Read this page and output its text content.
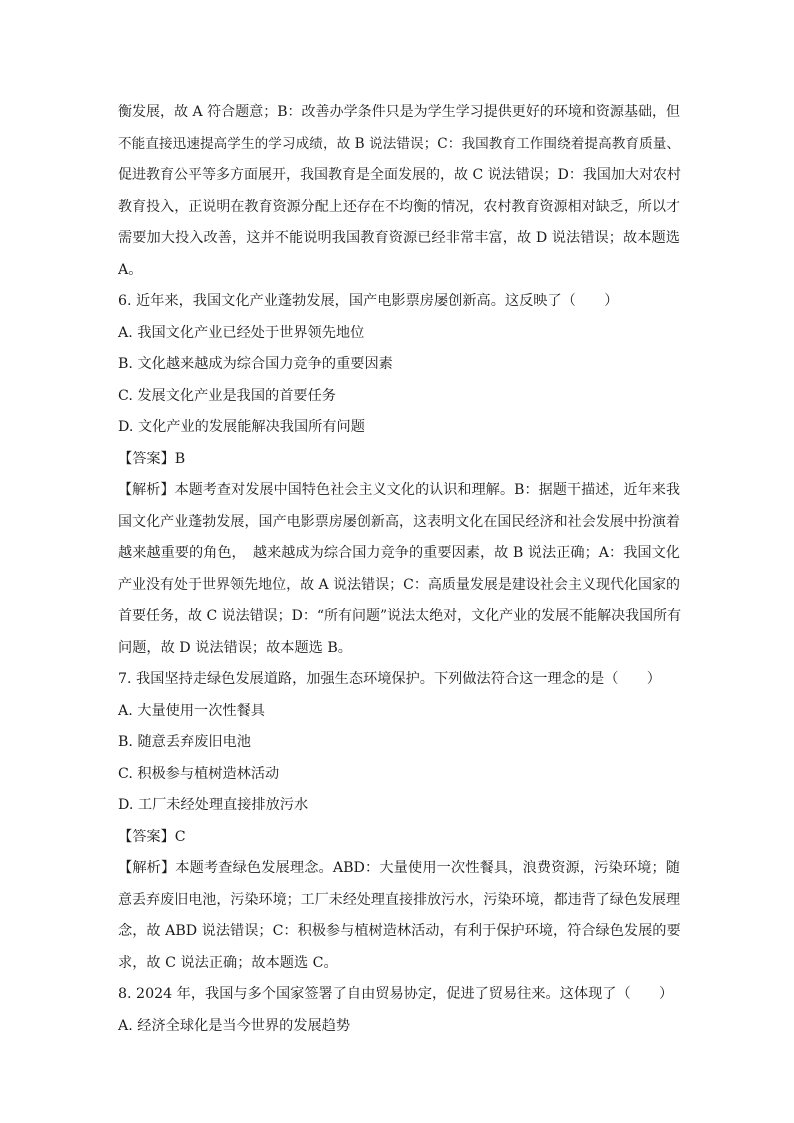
衡发展，故 A 符合题意；B：改善办学条件只是为学生学习提供更好的环境和资源基础，但
不能直接迅速提高学生的学习成绩，故 B 说法错误；C：我国教育工作围绕着提高教育质量、
促进教育公平等多方面展开，我国教育是全面发展的，故 C 说法错误；D：我国加大对农村
教育投入，正说明在教育资源分配上还存在不均衡的情况，农村教育资源相对缺乏，所以才
需要加大投入改善，这并不能说明我国教育资源已经非常丰富，故 D 说法错误；故本题选
A。
6. 近年来，我国文化产业蓬勃发展，国产电影票房屡创新高。这反映了（　　）
A. 我国文化产业已经处于世界领先地位
B. 文化越来越成为综合国力竞争的重要因素
C. 发展文化产业是我国的首要任务
D. 文化产业的发展能解决我国所有问题
【答案】B
【解析】本题考查对发展中国特色社会主义文化的认识和理解。B：据题干描述，近年来我
国文化产业蓬勃发展，国产电影票房屡创新高，这表明文化在国民经济和社会发展中扮演着
越来越重要的角色，　越来越成为综合国力竞争的重要因素，故 B 说法正确；A：我国文化
产业没有处于世界领先地位，故 A 说法错误；C：高质量发展是建设社会主义现代化国家的
首要任务，故 C 说法错误；D：“所有问题”说法太绝对，文化产业的发展不能解决我国所有
问题，故 D 说法错误；故本题选 B。
7. 我国坚持走绿色发展道路，加强生态环境保护。下列做法符合这一理念的是（　　）
A. 大量使用一次性餐具
B. 随意丢弃废旧电池
C. 积极参与植树造林活动
D. 工厂未经处理直接排放污水
【答案】C
【解析】本题考查绿色发展理念。ABD：大量使用一次性餐具，浪费资源，污染环境；随
意丢弃废旧电池，污染环境；工厂未经处理直接排放污水，污染环境，都违背了绿色发展理
念，故 ABD 说法错误；C：积极参与植树造林活动，有利于保护环境，符合绿色发展的要
求，故 C 说法正确；故本题选 C。
8. 2024 年，我国与多个国家签署了自由贸易协定，促进了贸易往来。这体现了（　　）
A. 经济全球化是当今世界的发展趋势
